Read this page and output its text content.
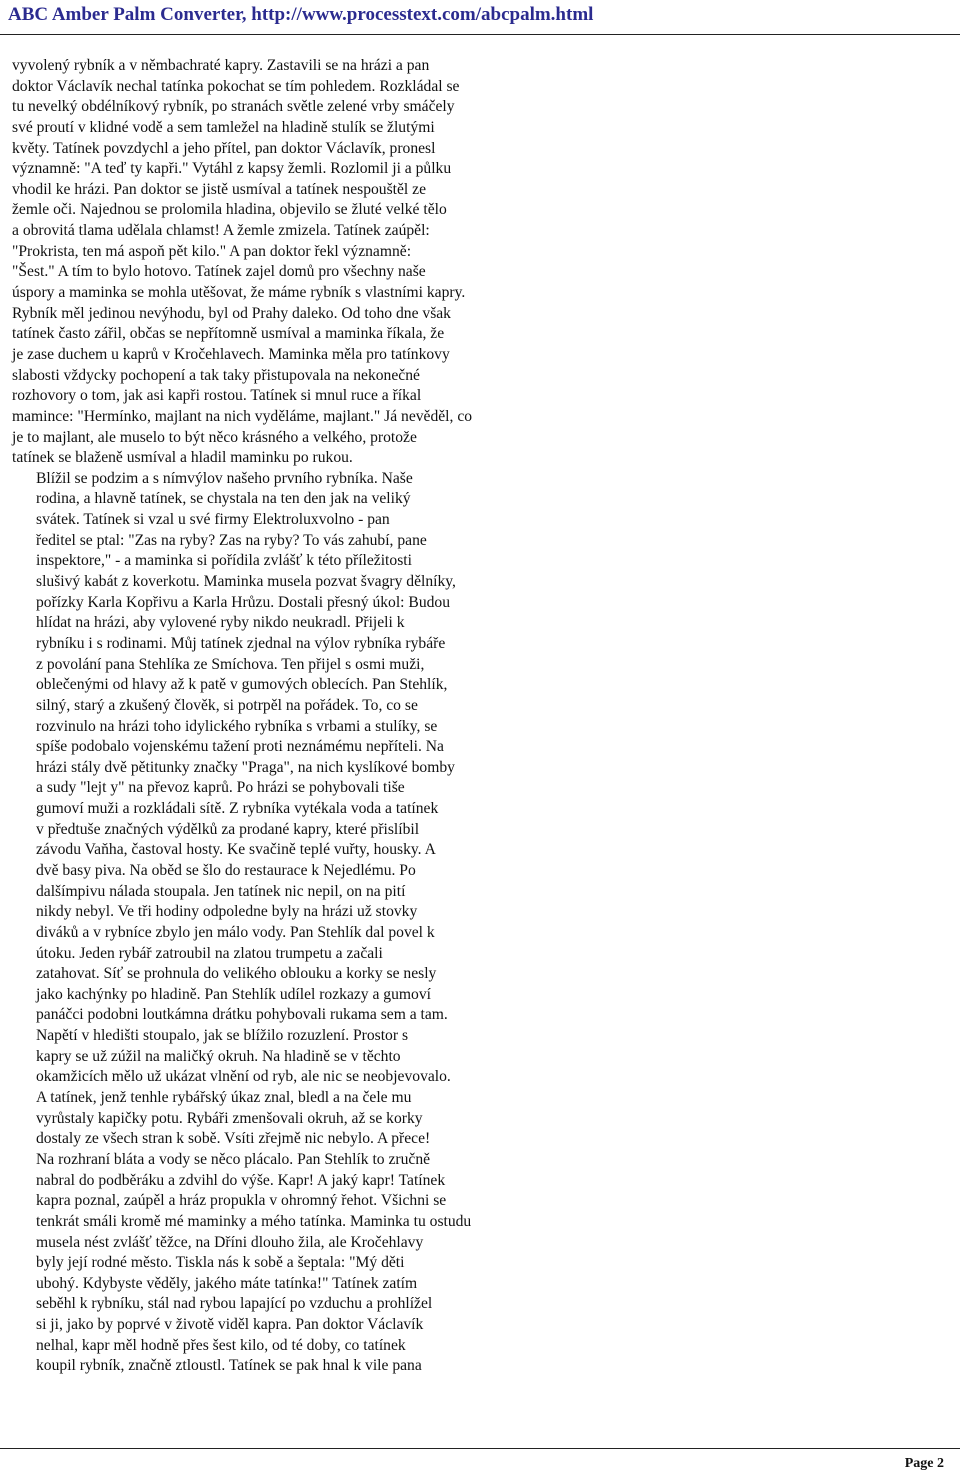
ABC Amber Palm Converter, http://www.processtext.com/abcpalm.html
vyvolený rybník a v němbachraté kapry. Zastavili se na hrázi a pan
doktor Václavík nechal tatínka pokochat se tím pohledem. Rozkládal se
tu nevelký obdélníkový rybník, po stranách světle zelené vrby smáčely
své proutí v klidné vodě a sem tamležel na hladině stulík se žlutými
květy. Tatínek povzdychl a jeho přítel, pan doktor Václavík, pronesl
významně: "A teď ty kapři." Vytáhl z kapsy žemli. Rozlomil ji a půlku
vhodil ke hrázi. Pan doktor se jistě usmíval a tatínek nespouštěl ze
žemle oči. Najednou se prolomila hladina, objevilo se žluté velké tělo
a obrovitá tlama udělala chlamst! A žemle zmizela. Tatínek zaúpěl:
"Prokrista, ten má aspoň pět kilo." A pan doktor řekl významně:
"Šest." A tím to bylo hotovo. Tatínek zajel domů pro všechny naše
úspory a maminka se mohla utěšovat, že máme rybník s vlastními kapry.
Rybník měl jedinou nevýhodu, byl od Prahy daleko. Od toho dne však
tatínek často zářil, občas se nepřítomně usmíval a maminka říkala, že
je zase duchem u kaprů v Kročehlavech. Maminka měla pro tatínkovy
slabosti vždycky pochopení a tak taky přistupovala na nekonečné
rozhovory o tom, jak asi kapři rostou. Tatínek si mnul ruce a říkal
mamince: "Hermínko, majlant na nich vyděláme, majlant." Já nevěděl, co
je to majlant, ale muselo to být něco krásného a velkého, protože
tatínek se blaženě usmíval a hladil maminku po rukou.
Blížil se podzim a s nímvýlov našeho prvního rybníka. Naše
rodina, a hlavně tatínek, se chystala na ten den jak na veliký
svátek. Tatínek si vzal u své firmy Elektroluxvolno - pan
ředitel se ptal: "Zas na ryby? Zas na ryby? To vás zahubí, pane
inspektore," - a maminka si pořídila zvlášť k této příležitosti
slušivý kabát z koverkotu. Maminka musela pozvat švagry dělníky,
pořízky Karla Kopřivu a Karla Hrůzu. Dostali přesný úkol: Budou
hlídat na hrázi, aby vylovené ryby nikdo neukradl. Přijeli k
rybníku i s rodinami. Můj tatínek zjednal na výlov rybníka rybáře
z povolání pana Stehlíka ze Smíchova. Ten přijel s osmi muži,
oblečenými od hlavy až k patě v gumových oblecích. Pan Stehlík,
silný, starý a zkušený člověk, si potrpěl na pořádek. To, co se
rozvinulo na hrázi toho idylického rybníka s vrbami a stulíky, se
spíše podobalo vojenskému tažení proti neznámému nepříteli. Na
hrázi stály dvě pětitunky značky "Praga", na nich kyslíkové bomby
a sudy "lejt y" na převoz kaprů. Po hrázi se pohybovali tiše
gumoví muži a rozkládali sítě. Z rybníka vytékala voda a tatínek
v předtuše značných výdělků za prodané kapry, které přislíbil
závodu Vaňha, častoval hosty. Ke svačině teplé vuřty, housky. A
dvě basy piva. Na oběd se šlo do restaurace k Nejedlému. Po
dalšímpivu nálada stoupala. Jen tatínek nic nepil, on na pití
nikdy nebyl. Ve tři hodiny odpoledne byly na hrázi už stovky
diváků a v rybníce zbylo jen málo vody. Pan Stehlík dal povel k
útoku. Jeden rybář zatroubil na zlatou trumpetu a začali
zatahovat. Síť se prohnula do velikého oblouku a korky se nesly
jako kachýnky po hladině. Pan Stehlík udílel rozkazy a gumoví
panáčci podobni loutkámna drátku pohybovali rukama sem a tam.
Napětí v hledišti stoupalo, jak se blížilo rozuzlení. Prostor s
kapry se už zúžil na maličký okruh. Na hladině se v těchto
okamžicích mělo už ukázat vlnění od ryb, ale nic se neobjevovalo.
A tatínek, jenž tenhle rybářský úkaz znal, bledl a na čele mu
vyrůstaly kapičky potu. Rybáři zmenšovali okruh, až se korky
dostaly ze všech stran k sobě. Vsíti zřejmě nic nebylo. A přece!
Na rozhraní bláta a vody se něco plácalo. Pan Stehlík to zručně
nabral do podběráku a zdvihl do výše. Kapr! A jaký kapr! Tatínek
kapra poznal, zaúpěl a hráz propukla v ohromný řehot. Všichni se
tenkrát smáli kromě mé maminky a mého tatínka. Maminka tu ostudu
musela nést zvlášť těžce, na Dříni dlouho žila, ale Kročehlavy
byly její rodné město. Tiskla nás k sobě a šeptala: "Mý děti
ubohý. Kdybyste věděly, jakého máte tatínka!" Tatínek zatím
seběhl k rybníku, stál nad rybou lapající po vzduchu a prohlížel
si ji, jako by poprvé v životě viděl kapra. Pan doktor Václavík
nelhal, kapr měl hodně přes šest kilo, od té doby, co tatínek
koupil rybník, značně ztloustl. Tatínek se pak hnal k vile pana
Page 2
